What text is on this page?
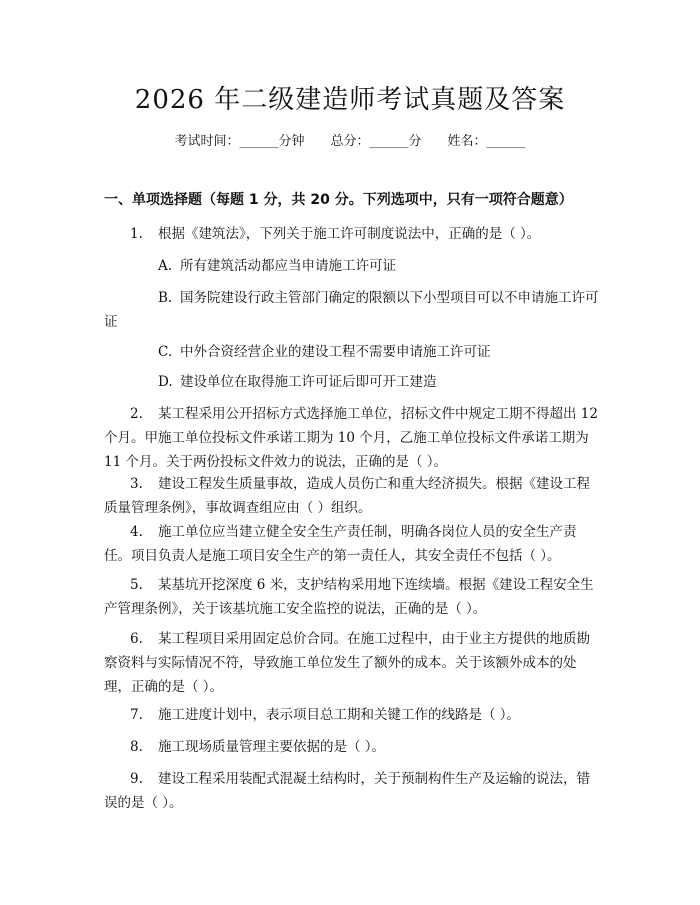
2026 年二级建造师考试真题及答案
考试时间：______分钟 总分：______分 姓名：______
一、单项选择题（每题 1 分，共 20 分。下列选项中，只有一项符合题意）
1. 根据《建筑法》，下列关于施工许可制度说法中，正确的是（ ）。
A. 所有建筑活动都应当申请施工许可证
B. 国务院建设行政主管部门确定的限额以下小型项目可以不申请施工许可证
C. 中外合资经营企业的建设工程不需要申请施工许可证
D. 建设单位在取得施工许可证后即可开工建造
2. 某工程采用公开招标方式选择施工单位，招标文件中规定工期不得超出 12 个月。甲施工单位投标文件承诺工期为 10 个月，乙施工单位投标文件承诺工期为 11 个月。关于两份投标文件效力的说法，正确的是（ ）。
3. 建设工程发生质量事故，造成人员伤亡和重大经济损失。根据《建设工程质量管理条例》，事故调查组应由（ ）组织。
4. 施工单位应当建立健全安全生产责任制，明确各岗位人员的安全生产责任。项目负责人是施工项目安全生产的第一责任人，其安全责任不包括（ ）。
5. 某基坑开挖深度 6 米，支护结构采用地下连续墙。根据《建设工程安全生产管理条例》，关于该基坑施工安全监控的说法，正确的是（ ）。
6. 某工程项目采用固定总价合同。在施工过程中，由于业主方提供的地质勘察资料与实际情况不符，导致施工单位发生了额外的成本。关于该额外成本的处理，正确的是（ ）。
7. 施工进度计划中，表示项目总工期和关键工作的线路是（ ）。
8. 施工现场质量管理主要依据的是（ ）。
9. 建设工程采用装配式混凝土结构时，关于预制构件生产及运输的说法，错误的是（ ）。
